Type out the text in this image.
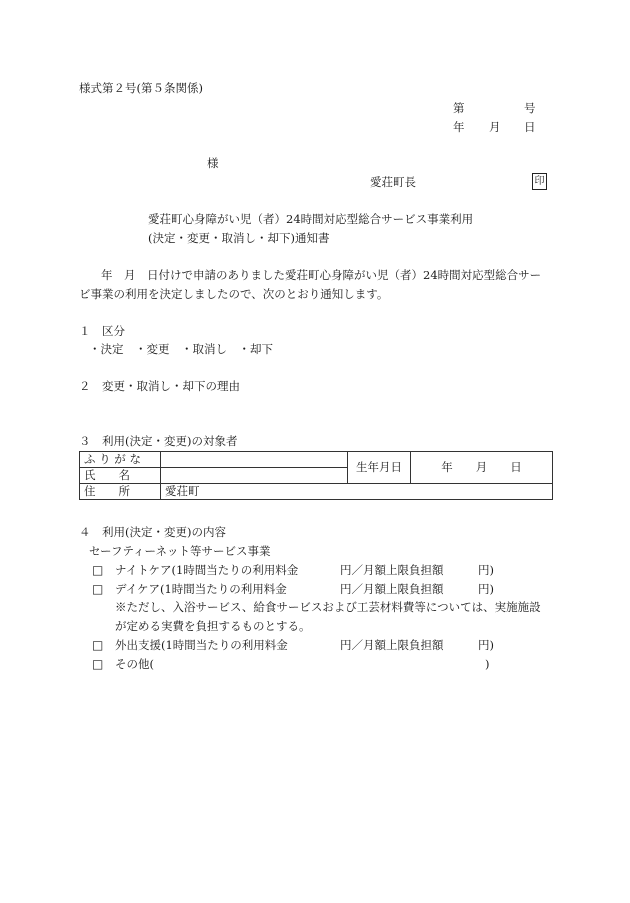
様式第２号(第５条関係)
第	号
年 月 日
様
愛荘町長	印
愛荘町心身障がい児（者）24時間対応型総合サービス事業利用
(決定・変更・取消し・却下)通知書
年　月　日付けで申請のありました愛荘町心身障がい児（者）24時間対応型総合サー
ビ事業の利用を決定しましたので、次のとおり通知します。
１　区分
・決定　・変更　・取消し　・却下
２　変更・取消し・却下の理由
３　利用(決定・変更)の対象者
ふ り が な		生年月日	年　　月　　日
氏　　名			
住　　所	愛荘町		
４　利用(決定・変更)の内容
セーフティーネット等サービス事業
□ ナイトケア(1時間当たりの利用料金	円／月額上限負担額	円)
□ デイケア(1時間当たりの利用料金	円／月額上限負担額	円)
※ただし、入浴サービス、給食サービスおよび工芸材料費等については、実施施設
が定める実費を負担するものとする。
□ 外出支援(1時間当たりの利用料金	円／月額上限負担額	円)
□ その他(	)
